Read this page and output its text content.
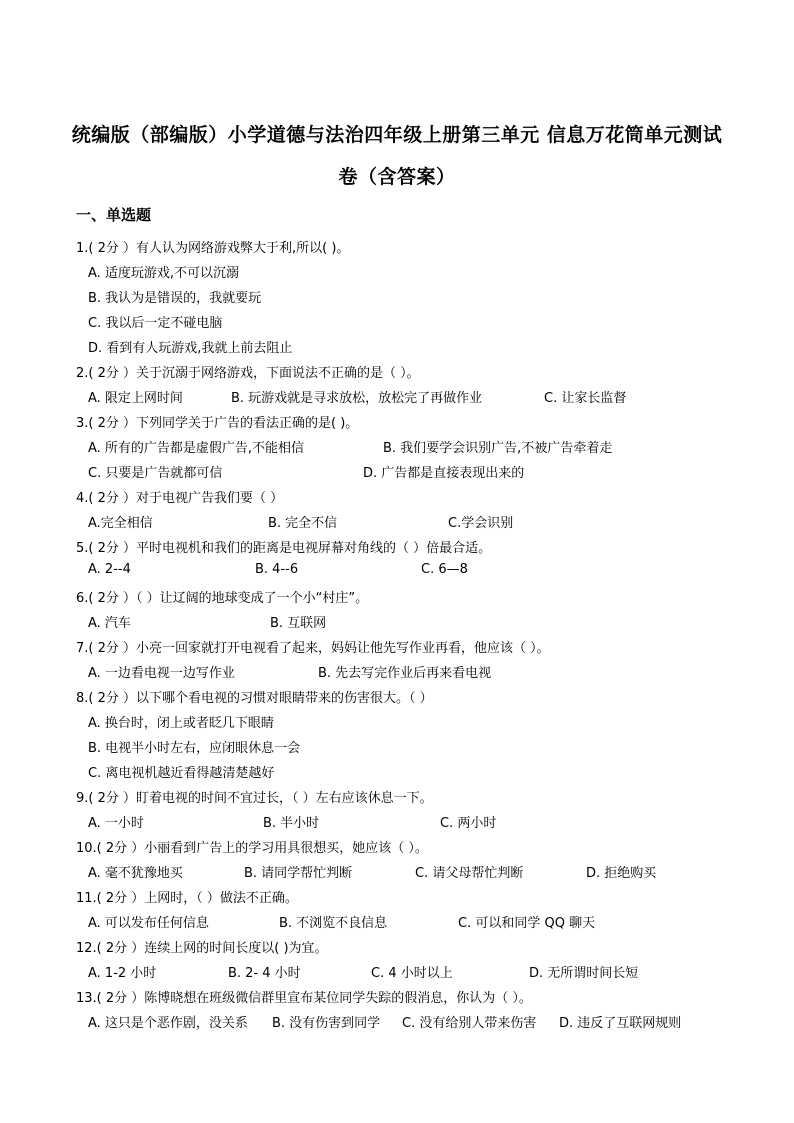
统编版（部编版）小学道德与法治四年级上册第三单元 信息万花筒单元测试
卷（含答案）
一、单选题
1.( 2分 ）有人认为网络游戏弊大于利,所以( )。
A. 适度玩游戏,不可以沉溺
B. 我认为是错误的，我就要玩
C. 我以后一定不碰电脑
D. 看到有人玩游戏,我就上前去阻止
2.( 2分 ）关于沉溺于网络游戏，下面说法不正确的是（ ）。
A. 限定上网时间	B. 玩游戏就是寻求放松，放松完了再做作业	C. 让家长监督
3.( 2分 ）下列同学关于广告的看法正确的是( )。
A. 所有的广告都是虚假广告,不能相信	B. 我们要学会识别广告,不被广告牵着走
C. 只要是广告就都可信	D. 广告都是直接表现出来的
4.( 2分 ）对于电视广告我们要（ ）
A.完全相信	B. 完全不信	C.学会识别
5.( 2分 ）平时电视机和我们的距离是电视屏幕对角线的（ ）倍最合适。
A. 2--4	B. 4--6	C. 6—8
6.( 2分 ）（ ）让辽阔的地球变成了一个小“村庄”。
A. 汽车	B. 互联网
7.( 2分 ）小亮一回家就打开电视看了起来，妈妈让他先写作业再看，他应该（ ）。
A. 一边看电视一边写作业	B. 先去写完作业后再来看电视
8.( 2分 ）以下哪个看电视的习惯对眼睛带来的伤害很大。（ ）
A. 换台时，闭上或者眨几下眼睛
B. 电视半小时左右，应闭眼休息一会
C. 离电视机越近看得越清楚越好
9.( 2分 ）盯着电视的时间不宜过长，（ ）左右应该休息一下。
A. 一小时	B. 半小时	C. 两小时
10.( 2分 ）小丽看到广告上的学习用具很想买，她应该（ ）。
A. 毫不犹豫地买	B. 请同学帮忙判断	C. 请父母帮忙判断	D. 拒绝购买
11.( 2分 ）上网时，（ ）做法不正确。
A. 可以发布任何信息	B. 不浏览不良信息	C. 可以和同学 QQ 聊天
12.( 2分 ）连续上网的时间长度以( )为宜。
A. 1-2 小时	B. 2- 4 小时	C. 4 小时以上	D. 无所谓时间长短
13.( 2分 ）陈博晓想在班级微信群里宣布某位同学失踪的假消息，你认为（ ）。
A. 这只是个恶作剧，没关系 B. 没有伤害到同学 C. 没有给别人带来伤害 D. 违反了互联网规则
